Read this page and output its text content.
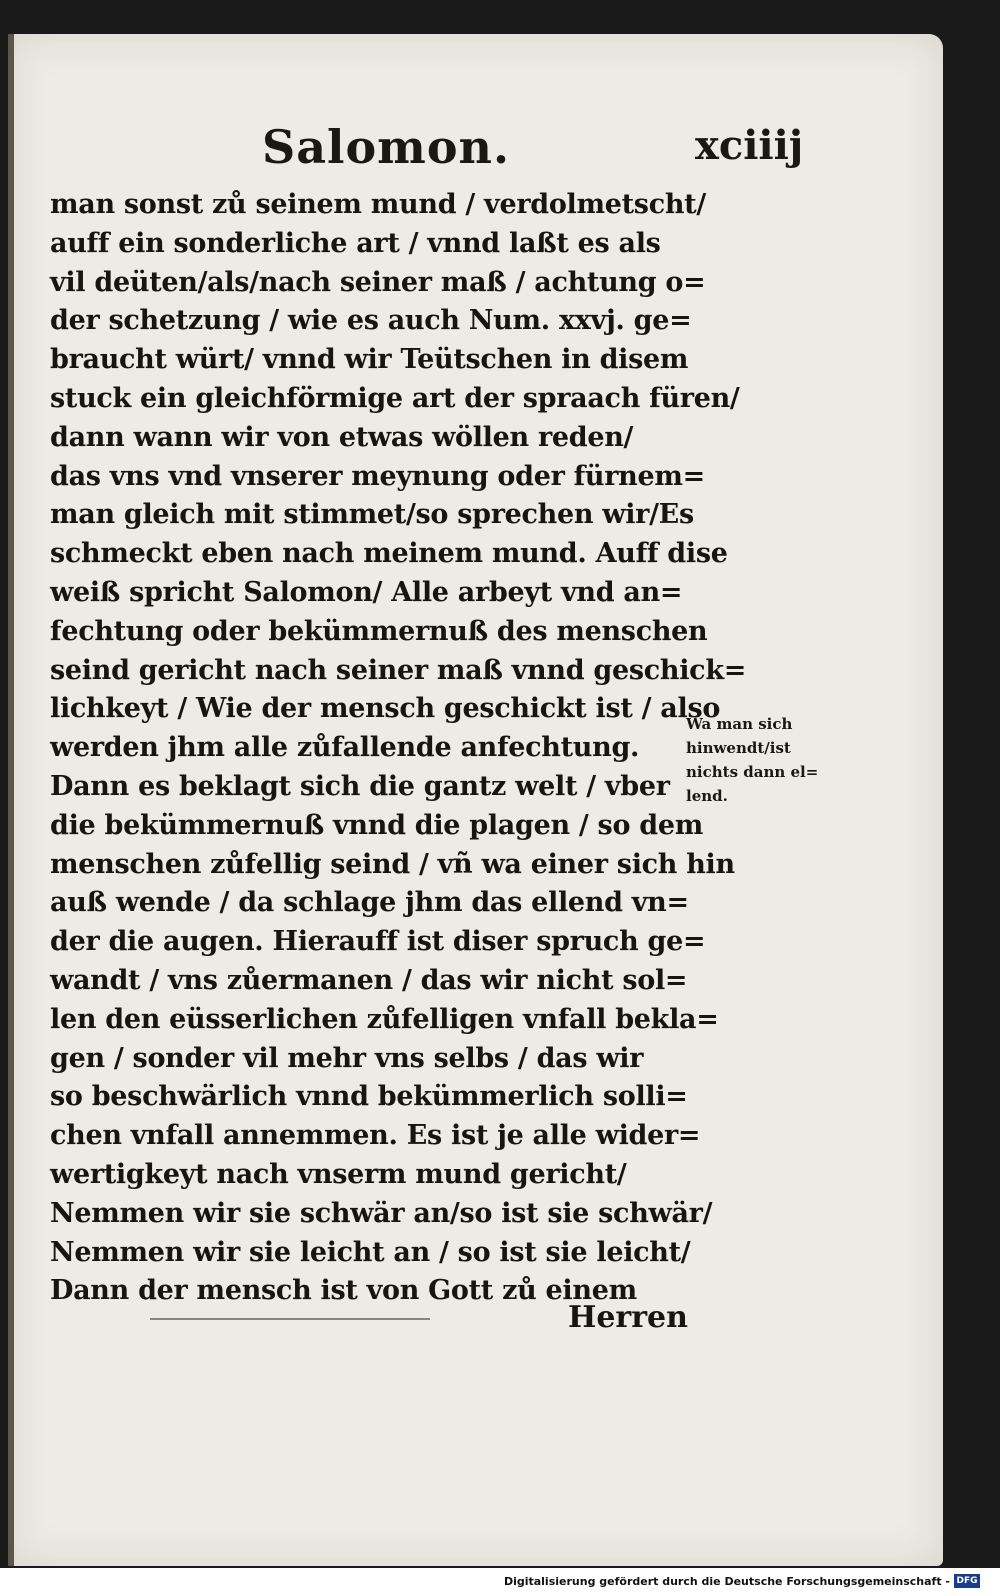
Salomon.	xciiij
man sonst zů seinem mund / verdolmetscht/
auff ein sonderliche art / vnnd laßt es als
vil deüten/als/nach seiner maß / achtung o=
der schetzung / wie es auch Num. xxvj. ge=
braucht würt/ vnnd wir Teütschen in disem
stuck ein gleichförmige art der spraach füren/
dann wann wir von etwas wöllen reden/
das vns vnd vnserer meynung oder fürnem=
man gleich mit stimmet/so sprechen wir/Es
schmeckt eben nach meinem mund. Auff dise
weiß spricht Salomon/ Alle arbeyt vnd an=
fechtung oder bekümmernuß des menschen
seind gericht nach seiner maß vnnd geschick=
lichkeyt / Wie der mensch geschickt ist / also
werden jhm alle zůfallende anfechtung.
Dann es beklagt sich die gantz welt / vber
die bekümmernuß vnnd die plagen / so dem
menschen zůfellig seind / vñ wa einer sich hin
auß wende / da schlage jhm das ellend vn=
der die augen. Hierauff ist diser spruch ge=
wandt / vns zůermanen / das wir nicht sol=
len den eüsserlichen zůfelligen vnfall bekla=
gen / sonder vil mehr vns selbs / das wir
so beschwärlich vnnd bekümmerlich solli=
chen vnfall annemmen. Es ist je alle wider=
wertigkeyt nach vnserm mund gericht/
Nemmen wir sie schwär an/so ist sie schwär/
Nemmen wir sie leicht an / so ist sie leicht/
Dann der mensch ist von Gott zů einem
Herren
Wa man sich
hinwendt/ist
nichts dann el=
lend.
Digitalisierung gefördert durch die Deutsche Forschungsgemeinschaft - DFG
